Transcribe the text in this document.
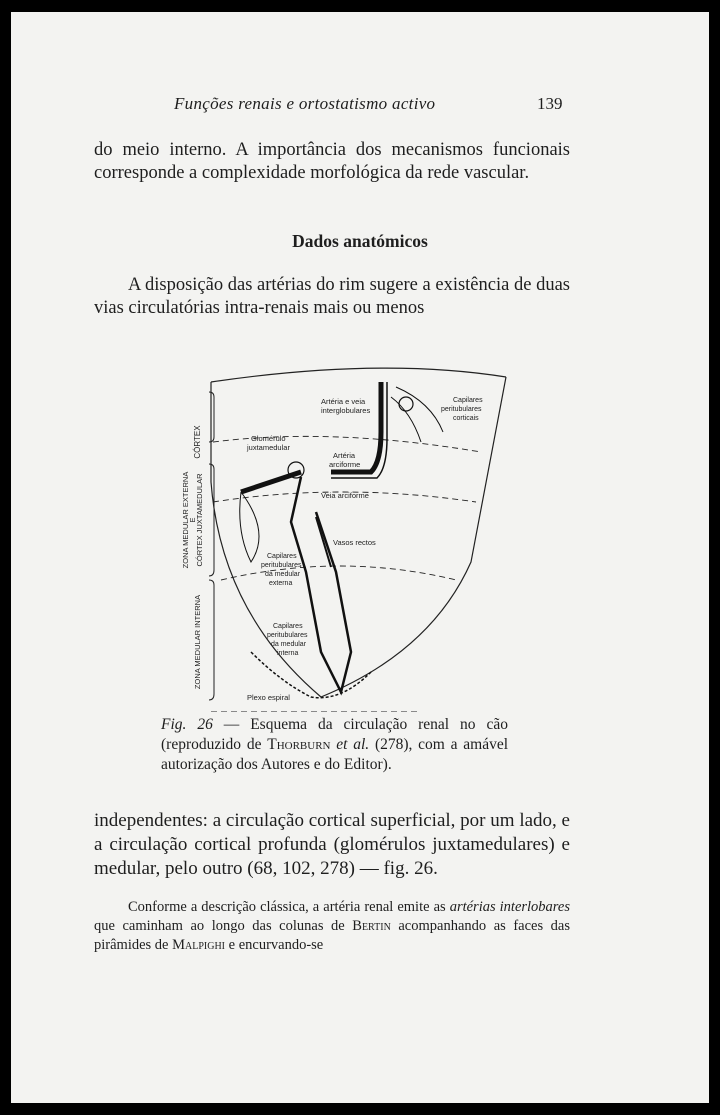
Funções renais e ortostatismo activo	139

do meio interno. A importância dos mecanismos funcionais corresponde a complexidade morfológica da rede vascular.

Dados anatómicos

A disposição das artérias do rim sugere a existência de duas vias circulatórias intra-renais mais ou menos

CÓRTEX
ZONA MEDULAR EXTERNA
E
CÓRTEX JUXTAMEDULAR
ZONA MEDULAR INTERNA
Artéria e veia
interglobulares
Capilares
peritubulares
corticais
Glomérulo
juxtamedular
Artéria
arciforme
Veia arciforme
Vasos rectos
Capilares
peritubulares
da medular
externa
Capilares
peritubulares
da medular
interna
Plexo espiral

Fig. 26 — Esquema da circulação renal no cão (reproduzido de Thorburn et al. (278), com a amável autorização dos Autores e do Editor).

independentes: a circulação cortical superficial, por um lado, e a circulação cortical profunda (glomérulos juxtamedulares) e medular, pelo outro (68, 102, 278) — fig. 26.

Conforme a descrição clássica, a artéria renal emite as artérias interlobares que caminham ao longo das colunas de Bertin acompanhando as faces das pirâmides de Malpighi e encurvando-se
